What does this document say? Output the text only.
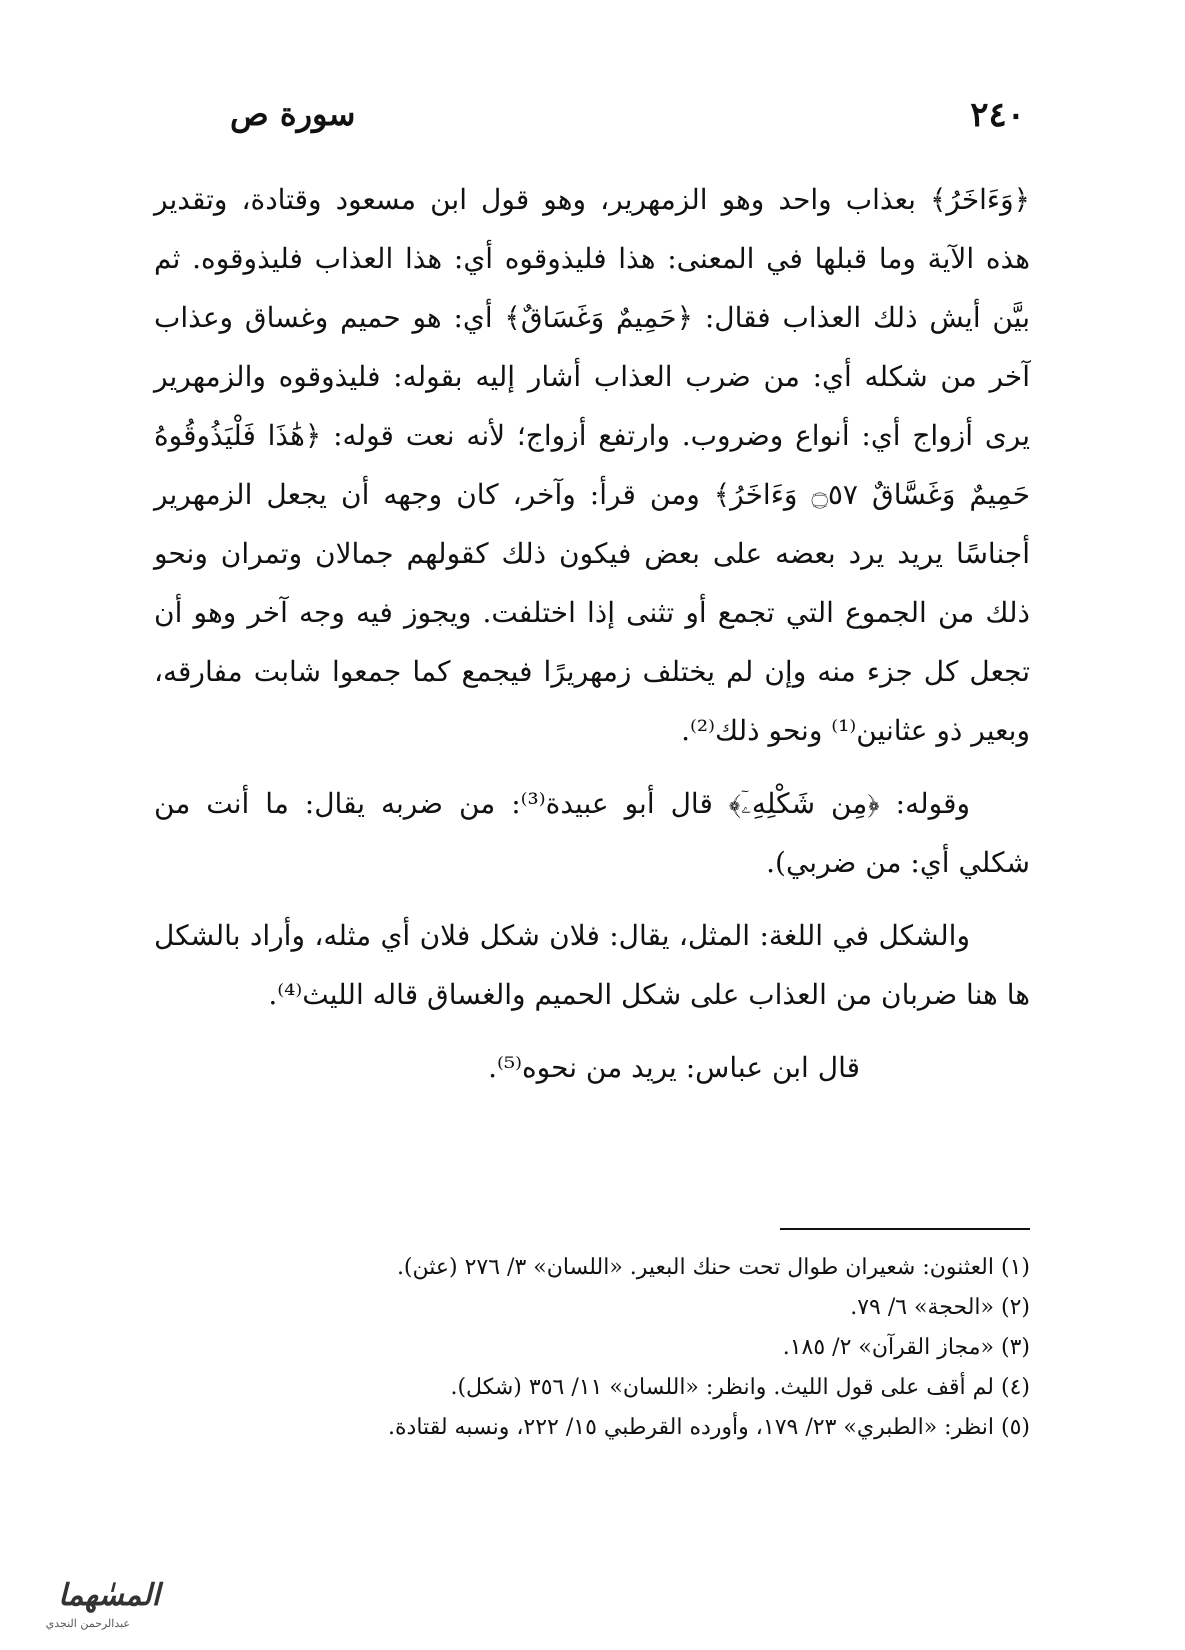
٢٤٠
سورة ص

﴿وَءَاخَرُ﴾ بعذاب واحد وهو الزمهرير، وهو قول ابن مسعود وقتادة، وتقدير هذه الآية وما قبلها في المعنى: هذا فليذوقوه أي: هذا العذاب فليذوقوه. ثم بيَّن أيش ذلك العذاب فقال: ﴿حَمِيمٌ وَغَسَاقٌ﴾ أي: هو حميم وغساق وعذاب آخر من شكله أي: من ضرب العذاب أشار إليه بقوله: فليذوقوه والزمهرير يرى أزواج أي: أنواع وضروب. وارتفع أزواج؛ لأنه نعت قوله: ﴿هَٰذَا فَلْيَذُوقُوهُ حَمِيمٌ وَغَسَّاقٌ ۝٥٧ وَءَاخَرُ﴾ ومن قرأ: وآخر، كان وجهه أن يجعل الزمهرير أجناسًا يريد يرد بعضه على بعض فيكون ذلك كقولهم جمالان وتمران ونحو ذلك من الجموع التي تجمع أو تثنى إذا اختلفت. ويجوز فيه وجه آخر وهو أن تجعل كل جزء منه وإن لم يختلف زمهريرًا فيجمع كما جمعوا شابت مفارقه، وبعير ذو عثانين⁽¹⁾ ونحو ذلك⁽²⁾.

وقوله: ﴿مِن شَكْلِهِۦٓ﴾ قال أبو عبيدة⁽³⁾: من ضربه يقال: ما أنت من شكلي أي: من ضربي).

والشكل في اللغة: المثل، يقال: فلان شكل فلان أي مثله، وأراد بالشكل ها هنا ضربان من العذاب على شكل الحميم والغساق قاله الليث⁽⁴⁾.

قال ابن عباس: يريد من نحوه⁽⁵⁾.

(١) العثنون: شعيران طوال تحت حنك البعير. «اللسان» ٣/ ٢٧٦ (عثن).
(٢) «الحجة» ٦/ ٧٩.
(٣) «مجاز القرآن» ٢/ ١٨٥.
(٤) لم أقف على قول الليث. وانظر: «اللسان» ١١/ ٣٥٦ (شكل).
(٥) انظر: «الطبري» ٢٣/ ١٧٩، وأورده القرطبي ١٥/ ٢٢٢، ونسبه لقتادة.
المسٰهما
عبدالرحمن النجدي
